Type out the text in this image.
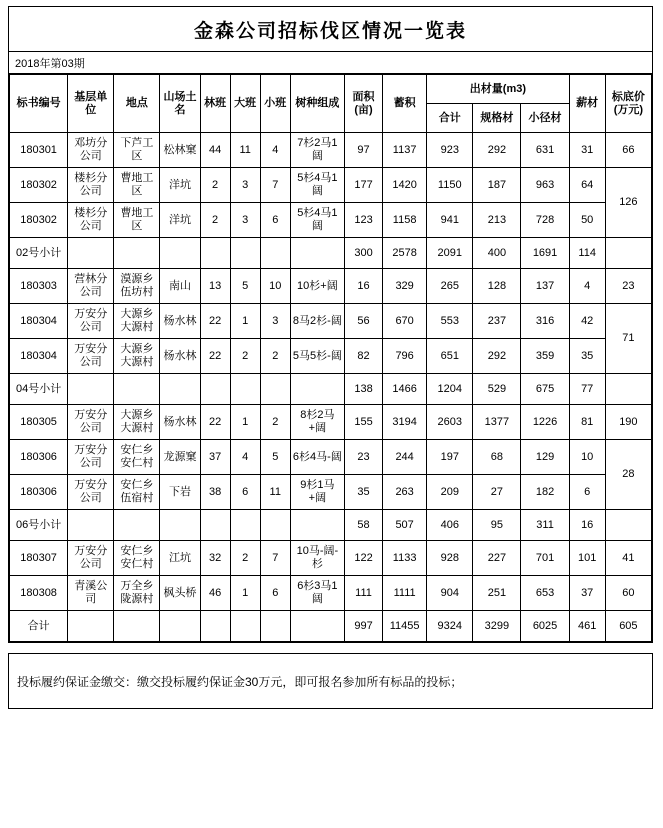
金森公司招标伐区情况一览表
2018年第03期
标书编号	基层单位	地点	山场土名	林班	大班	小班	树种组成	面积(亩)	蓄积	出材量(m3)			薪材	标底价(万元)
										合计	规格材	小径材		
180301	邓坊分公司	下芦工区	松林窠	44	11	4	7杉2马1阔	97	1137	923	292	631	31	66
180302	楼杉分公司	曹地工区	洋坑	2	3	7	5杉4马1阔	177	1420	1150	187	963	64	126
180302	楼杉分公司	曹地工区	洋坑	2	3	6	5杉4马1阔	123	1158	941	213	728	50	
02号小计								300	2578	2091	400	1691	114	
180303	营林分公司	漠源乡伍坊村	南山	13	5	10	10杉+阔	16	329	265	128	137	4	23
180304	万安分公司	大源乡大源村	杨水林	22	1	3	8马2杉-阔	56	670	553	237	316	42	71
180304	万安分公司	大源乡大源村	杨水林	22	2	2	5马5杉-阔	82	796	651	292	359	35	
04号小计								138	1466	1204	529	675	77	
180305	万安分公司	大源乡大源村	杨水林	22	1	2	8杉2马+阔	155	3194	2603	1377	1226	81	190
180306	万安分公司	安仁乡安仁村	龙源窠	37	4	5	6杉4马-阔	23	244	197	68	129	10	28
180306	万安分公司	安仁乡伍宿村	下岩	38	6	11	9杉1马+阔	35	263	209	27	182	6	
06号小计								58	507	406	95	311	16	
180307	万安分公司	安仁乡安仁村	江坑	32	2	7	10马-阔-杉	122	1133	928	227	701	101	41
180308	青溪公司	万全乡陇源村	枫头桥	46	1	6	6杉3马1阔	111	1111	904	251	653	37	60
合计								997	11455	9324	3299	6025	461	605
投标履约保证金缴交：缴交投标履约保证金30万元，即可报名参加所有标品的投标；
